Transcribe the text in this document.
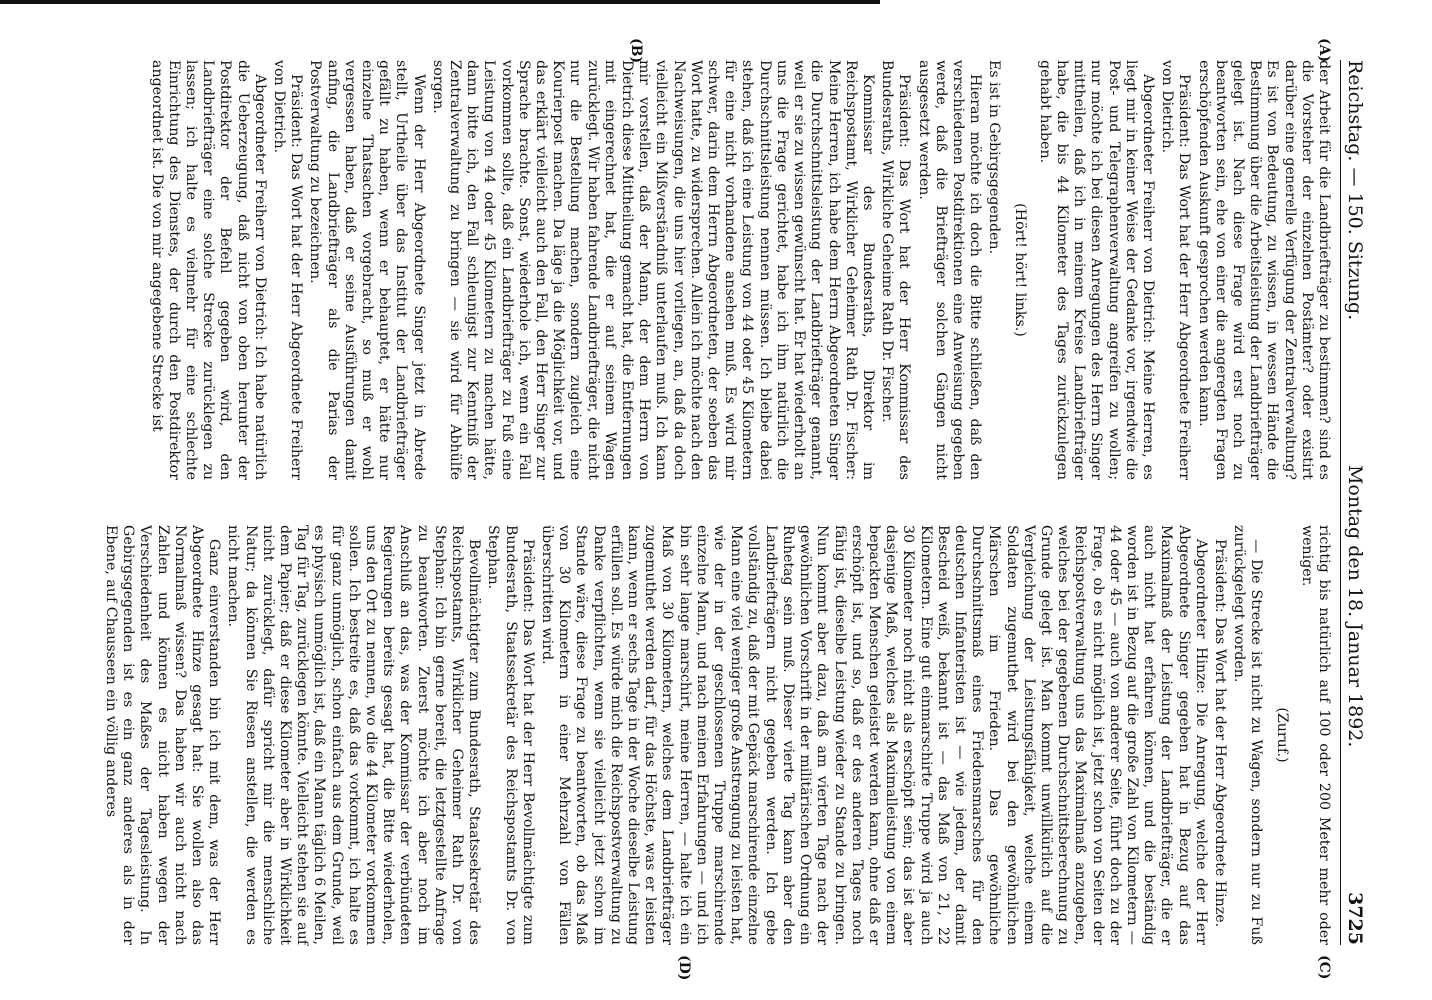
Reichstag. — 150. Sitzung.
Montag den 18. Januar 1892.
3725
(A)
(B)
(C)
(D)

der Arbeit für die Landbriefträger zu bestimmen? sind es die Vorsteher der einzelnen Postämter? oder existirt darüber eine generelle Verfügung der Zentralverwaltung? Es ist von Bedeutung, zu wissen, in wessen Hände die Bestimmung über die Arbeitsleistung der Landbriefträger gelegt ist. Nach diese Frage wird erst noch zu beantworten sein, ehe von einer die angeregten Fragen erschöpfenden Auskunft gesprochen werden kann.

Präsident: Das Wort hat der Herr Abgeordnete Freiherr von Dietrich.

Abgeordneter Freiherr von Dietrich: Meine Herren, es liegt mir in keiner Weise der Gedanke vor, irgendwie die Post- und Telegraphenverwaltung angreifen zu wollen; nur möchte ich bei diesen Anregungen des Herrn Singer mittheilen, daß ich in meinem Kreise Landbriefträger habe, die bis 44 Kilometer des Tages zurückzulegen gehabt haben.

(Hört! hört! links.)

Es ist in Gebirgsgegenden.

Hieran möchte ich doch die Bitte schließen, daß den verschiedenen Postdirektionen eine Anweisung gegeben werde, daß die Briefträger solchen Gängen nicht ausgesetzt werden.

Präsident: Das Wort hat der Herr Kommissar des Bundesraths, Wirkliche Geheime Rath Dr. Fischer.

Kommissar des Bundesraths, Direktor im Reichspostamt, Wirklicher Geheimer Rath Dr. Fischer: Meine Herren, ich habe dem Herrn Abgeordneten Singer die Durchschnittsleistung der Landbriefträger genannt, weil er sie zu wissen gewünscht hat. Er hat wiederholt an uns die Frage gerichtet, habe ich ihm natürlich die Durchschnittsleistung nennen müssen. Ich bleibe dabei stehen, daß ich eine Leistung von 44 oder 45 Kilometern für eine nicht vorhandene ansehen muß. Es wird mir schwer, darin dem Herrn Abgeordneten, der soeben das Wort hatte, zu widersprechen. Allein ich möchte nach den Nachweisungen, die uns hier vorliegen, an, daß da doch vielleicht ein Mißverständniß unterlaufen muß. Ich kann mir vorstellen, daß der Mann, der dem Herrn von Dietrich diese Mittheilung gemacht hat, die Entfernungen mit eingerechnet hat, die er auf seinem Wagen zurücklegt. Wir haben fahrende Landbriefträger, die nicht nur die Bestellung machen, sondern zugleich eine Kourierpost machen. Da läge ja die Möglichkeit vor, und das erklärt vielleicht auch den Fall, den Herr Singer zur Sprache brachte. Sonst, wiederhole ich, wenn ein Fall vorkommen sollte, daß ein Landbriefträger zu Fuß eine Leistung von 44 oder 45 Kilometern zu machen hätte, dann bitte ich, den Fall schleunigst zur Kenntniß der Zentralverwaltung zu bringen — sie wird für Abhülfe sorgen.

Wenn der Herr Abgeordnete Singer jetzt in Abrede stellt, Urtheile über das Institut der Landbriefträger gefällt zu haben, wenn er behauptet, er hätte nur einzelne Thatsachen vorgebracht, so muß er wohl vergessen haben, daß er seine Ausführungen damit anfing, die Landbriefträger als die Parias der Postverwaltung zu bezeichnen.

Präsident: Das Wort hat der Herr Abgeordnete Freiherr von Dietrich.

Abgeordneter Freiherr von Dietrich: Ich habe natürlich die Ueberzeugung, daß nicht von oben herunter der Postdirektor der Befehl gegeben wird, den Landbriefträger eine solche Strecke zurücklegen zu lassen; ich halte es vielmehr für eine schlechte Einrichtung des Dienstes, der durch den Postdirektor angeordnet ist. Die von mir angegebene Strecke ist

richtig bis natürlich auf 100 oder 200 Meter mehr oder weniger.

(Zuruf.)

— Die Strecke ist nicht zu Wagen, sondern nur zu Fuß zurückgelegt worden.

Präsident: Das Wort hat der Herr Abgeordnete Hinze.

Abgeordneter Hinze: Die Anregung, welche der Herr Abgeordnete Singer gegeben hat in Bezug auf das Maximalmaß der Leistung der Landbriefträger, die er auch nicht hat erfahren können, und die beständig worden ist in Bezug auf die große Zahl von Kilometern — 44 oder 45 — auch von anderer Seite, führt doch zu der Frage, ob es nicht möglich ist, jetzt schon von Seiten der Reichspostverwaltung uns das Maximalmaß anzugeben, welches bei der gegebenen Durchschnittsberechnung zu Grunde gelegt ist. Man kommt unwillkürlich auf die Vergleichung der Leistungsfähigkeit, welche einem Soldaten zugemuthet wird bei den gewöhnlichen Märschen im Frieden. Das gewöhnliche Durchschnittsmaß eines Friedensmarsches für den deutschen Infanteristen ist — wie jedem, der damit Bescheid weiß, bekannt ist — das Maß von 21, 22 Kilometern. Eine gut einmarschirte Truppe wird ja auch 30 Kilometer noch nicht als erschöpft sein; das ist aber dasjenige Maß, welches als Maximalleistung von einem bepackten Menschen geleistet werden kann, ohne daß er erschöpft ist, und so, daß er des anderen Tages noch fähig ist, dieselbe Leistung wieder zu Stande zu bringen. Nun kommt aber dazu, daß am vierten Tage nach der gewöhnlichen Vorschrift in der militärischen Ordnung ein Ruhetag sein muß. Dieser vierte Tag kann aber den Landbriefträgern nicht gegeben werden. Ich gebe vollständig zu, daß der mit Gepäck marschirende einzelne Mann eine viel weniger große Anstrengung zu leisten hat, wie der in der geschlossenen Truppe marschirende einzelne Mann, und nach meinen Erfahrungen — und ich bin sehr lange marschirt, meine Herren, — halte ich ein Maß von 30 Kilometern, welches dem Landbriefträger zugemuthet werden darf, für das Höchste, was er leisten kann, wenn er sechs Tage in der Woche dieselbe Leistung erfüllen soll. Es würde mich die Reichspostverwaltung zu Danke verpflichten, wenn sie vielleicht jetzt schon im Stande wäre, diese Frage zu beantworten, ob das Maß von 30 Kilometern in einer Mehrzahl von Fällen überschritten wird.

Präsident: Das Wort hat der Herr Bevollmächtigte zum Bundesrath, Staatssekretär des Reichspostamts Dr. von Stephan.

Bevollmächtigter zum Bundesrath, Staatssekretär des Reichspostamts, Wirklicher Geheimer Rath Dr. von Stephan: Ich bin gerne bereit, die letztgestellte Anfrage zu beantworten. Zuerst möchte ich aber noch im Anschluß an das, was der Kommissar der verbündeten Regierungen bereits gesagt hat, die Bitte wiederholen, uns den Ort zu nennen, wo die 44 Kilometer vorkommen sollen. Ich bestreite es, daß das vorkommt, ich halte es für ganz unmöglich, schon einfach aus dem Grunde, weil es physisch unmöglich ist, daß ein Mann täglich 6 Meilen, Tag für Tag, zurücklegen könnte. Vielleicht stehen sie auf dem Papier; daß er diese Kilometer aber in Wirklichkeit nicht zurücklegt, dafür spricht mir die menschliche Natur; da können Sie Riesen anstellen, die werden es nicht machen.

Ganz einverstanden bin ich mit dem, was der Herr Abgeordnete Hinze gesagt hat: Sie wollen also das Normalmaß wissen? Das haben wir auch nicht nach Zahlen und können es nicht haben wegen der Verschiedenheit des Maßes der Tagesleistung. In Gebirgsgegenden ist es ein ganz anderes als in der Ebene, auf Chausseen ein völlig anderes
